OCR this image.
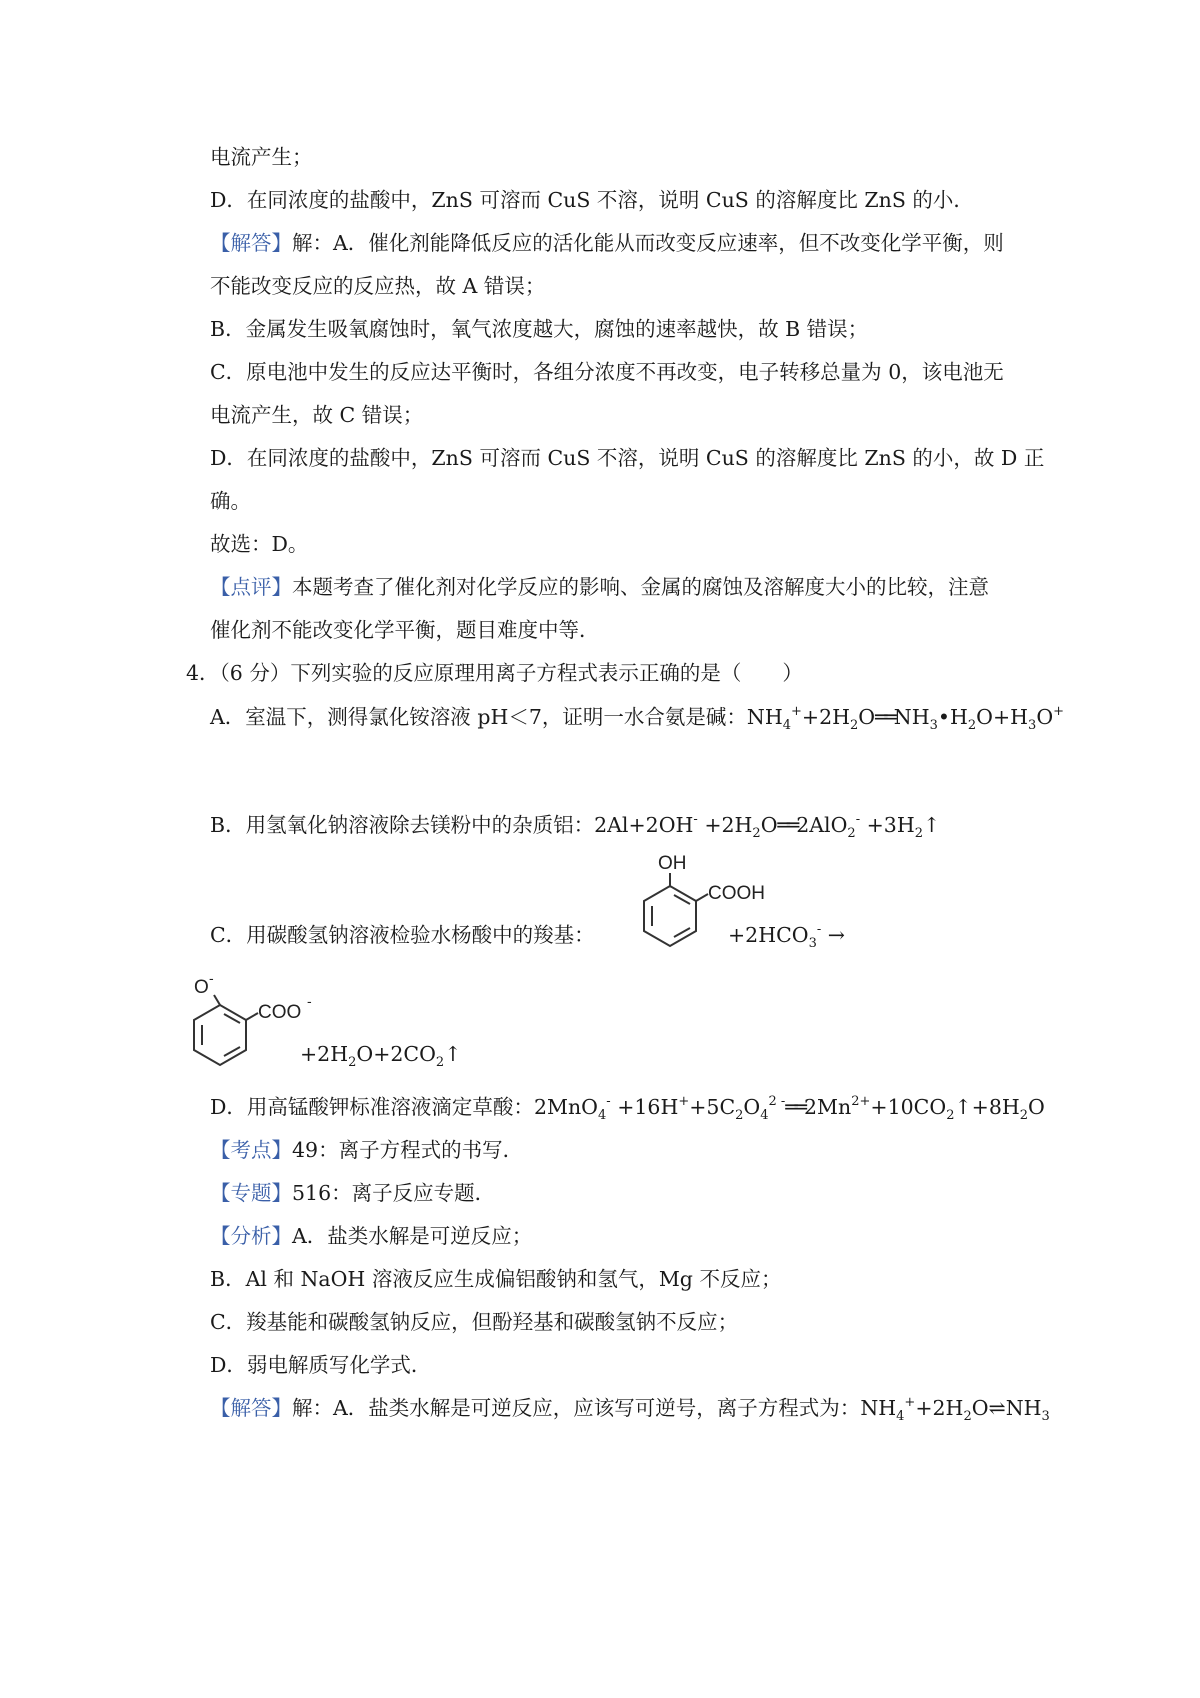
电流产生；
D．在同浓度的盐酸中，ZnS 可溶而 CuS 不溶，说明 CuS 的溶解度比 ZnS 的小．
【解答】解：A．催化剂能降低反应的活化能从而改变反应速率，但不改变化学平衡，则
不能改变反应的反应热，故 A 错误；
B．金属发生吸氧腐蚀时，氧气浓度越大，腐蚀的速率越快，故 B 错误；
C．原电池中发生的反应达平衡时，各组分浓度不再改变，电子转移总量为 0，该电池无
电流产生，故 C 错误；
D．在同浓度的盐酸中，ZnS 可溶而 CuS 不溶，说明 CuS 的溶解度比 ZnS 的小，故 D 正
确。
故选：D。
【点评】本题考查了催化剂对化学反应的影响、金属的腐蚀及溶解度大小的比较，注意
催化剂不能改变化学平衡，题目难度中等．
4．（6 分）下列实验的反应原理用离子方程式表示正确的是（　　）
A．室温下，测得氯化铵溶液 pH＜7，证明一水合氨是碱：$NH_4^++2H_2O══NH_3•H_2O+H_3O^+$
B．用氢氧化钠溶液除去镁粉中的杂质铝：$2Al+2OH^- +2H_2O══2AlO_2^-$ $+3H_2↑$
C．用碳酸氢钠溶液检验水杨酸中的羧基：
OH
COOH
$+2HCO_3^-$ →
O -
COO
-
$+2H_2O+2CO_2↑$
D．用高锰酸钾标准溶液滴定草酸：$2MnO_4^- +16H^++5C_2O_4^{2 -}══2Mn^{2+}+10CO_2↑+8H_2O$
【考点】49：离子方程式的书写．
【专题】516：离子反应专题．
【分析】A．盐类水解是可逆反应；
B．Al 和 NaOH 溶液反应生成偏铝酸钠和氢气，Mg 不反应；
C．羧基能和碳酸氢钠反应，但酚羟基和碳酸氢钠不反应；
D．弱电解质写化学式．
【解答】解：A．盐类水解是可逆反应，应该写可逆号，离子方程式为：$NH_4^++2H_2O\rightleftharpoons NH_3$
